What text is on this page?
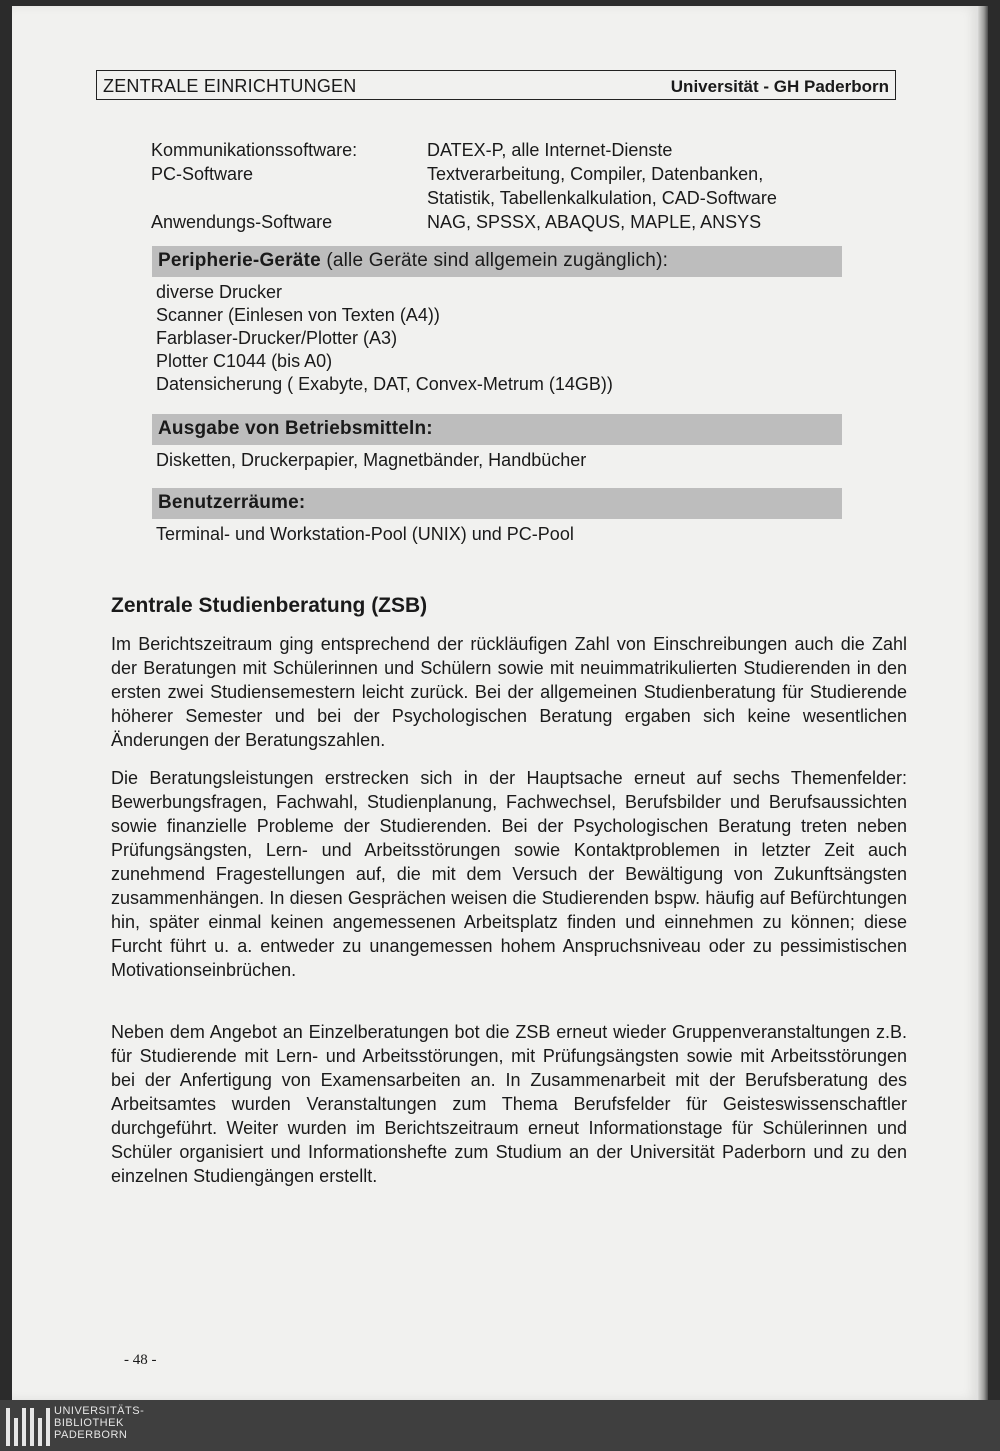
ZENTRALE EINRICHTUNGEN	Universität - GH Paderborn
Kommunikationssoftware:	DATEX-P, alle Internet-Dienste
PC-Software	Textverarbeitung, Compiler, Datenbanken,
Statistik, Tabellenkalkulation, CAD-Software
Anwendungs-Software	NAG, SPSSX, ABAQUS, MAPLE, ANSYS
Peripherie-Geräte (alle Geräte sind allgemein zugänglich):
diverse Drucker
Scanner (Einlesen von Texten (A4))
Farblaser-Drucker/Plotter (A3)
Plotter C1044 (bis A0)
Datensicherung ( Exabyte, DAT, Convex-Metrum (14GB))
Ausgabe von Betriebsmitteln:
Disketten, Druckerpapier, Magnetbänder, Handbücher
Benutzerräume:
Terminal- und Workstation-Pool (UNIX) und PC-Pool
Zentrale Studienberatung (ZSB)

Im Berichtszeitraum ging entsprechend der rückläufigen Zahl von Einschreibungen auch die Zahl der Beratungen mit Schülerinnen und Schülern sowie mit neuimmatrikulierten Studierenden in den ersten zwei Studiensemestern leicht zurück. Bei der allgemeinen Studienberatung für Studierende höherer Semester und bei der Psychologischen Beratung ergaben sich keine wesentlichen Änderungen der Beratungszahlen.

Die Beratungsleistungen erstrecken sich in der Hauptsache erneut auf sechs Themenfelder: Bewerbungsfragen, Fachwahl, Studienplanung, Fachwechsel, Berufsbilder und Berufsaussichten sowie finanzielle Probleme der Studierenden. Bei der Psychologischen Beratung treten neben Prüfungsängsten, Lern- und Arbeitsstörungen sowie Kontaktproblemen in letzter Zeit auch zunehmend Fragestellungen auf, die mit dem Versuch der Bewältigung von Zukunftsängsten zusammenhängen. In diesen Gesprächen weisen die Studierenden bspw. häufig auf Befürchtungen hin, später einmal keinen angemessenen Arbeitsplatz finden und einnehmen zu können; diese Furcht führt u. a. entweder zu unangemessen hohem Anspruchsniveau oder zu pessimistischen Motivationseinbrüchen.

Neben dem Angebot an Einzelberatungen bot die ZSB erneut wieder Gruppenveranstaltungen z.B. für Studierende mit Lern- und Arbeitsstörungen, mit Prüfungsängsten sowie mit Arbeitsstörungen bei der Anfertigung von Examensarbeiten an. In Zusammenarbeit mit der Berufsberatung des Arbeitsamtes wurden Veranstaltungen zum Thema Berufsfelder für Geisteswissenschaftler durchgeführt. Weiter wurden im Berichtszeitraum erneut Informationstage für Schülerinnen und Schüler organisiert und Informationshefte zum Studium an der Universität Paderborn und zu den einzelnen Studiengängen erstellt.

- 48 -
UNIVERSITÄTS-
BIBLIOTHEK
PADERBORN
